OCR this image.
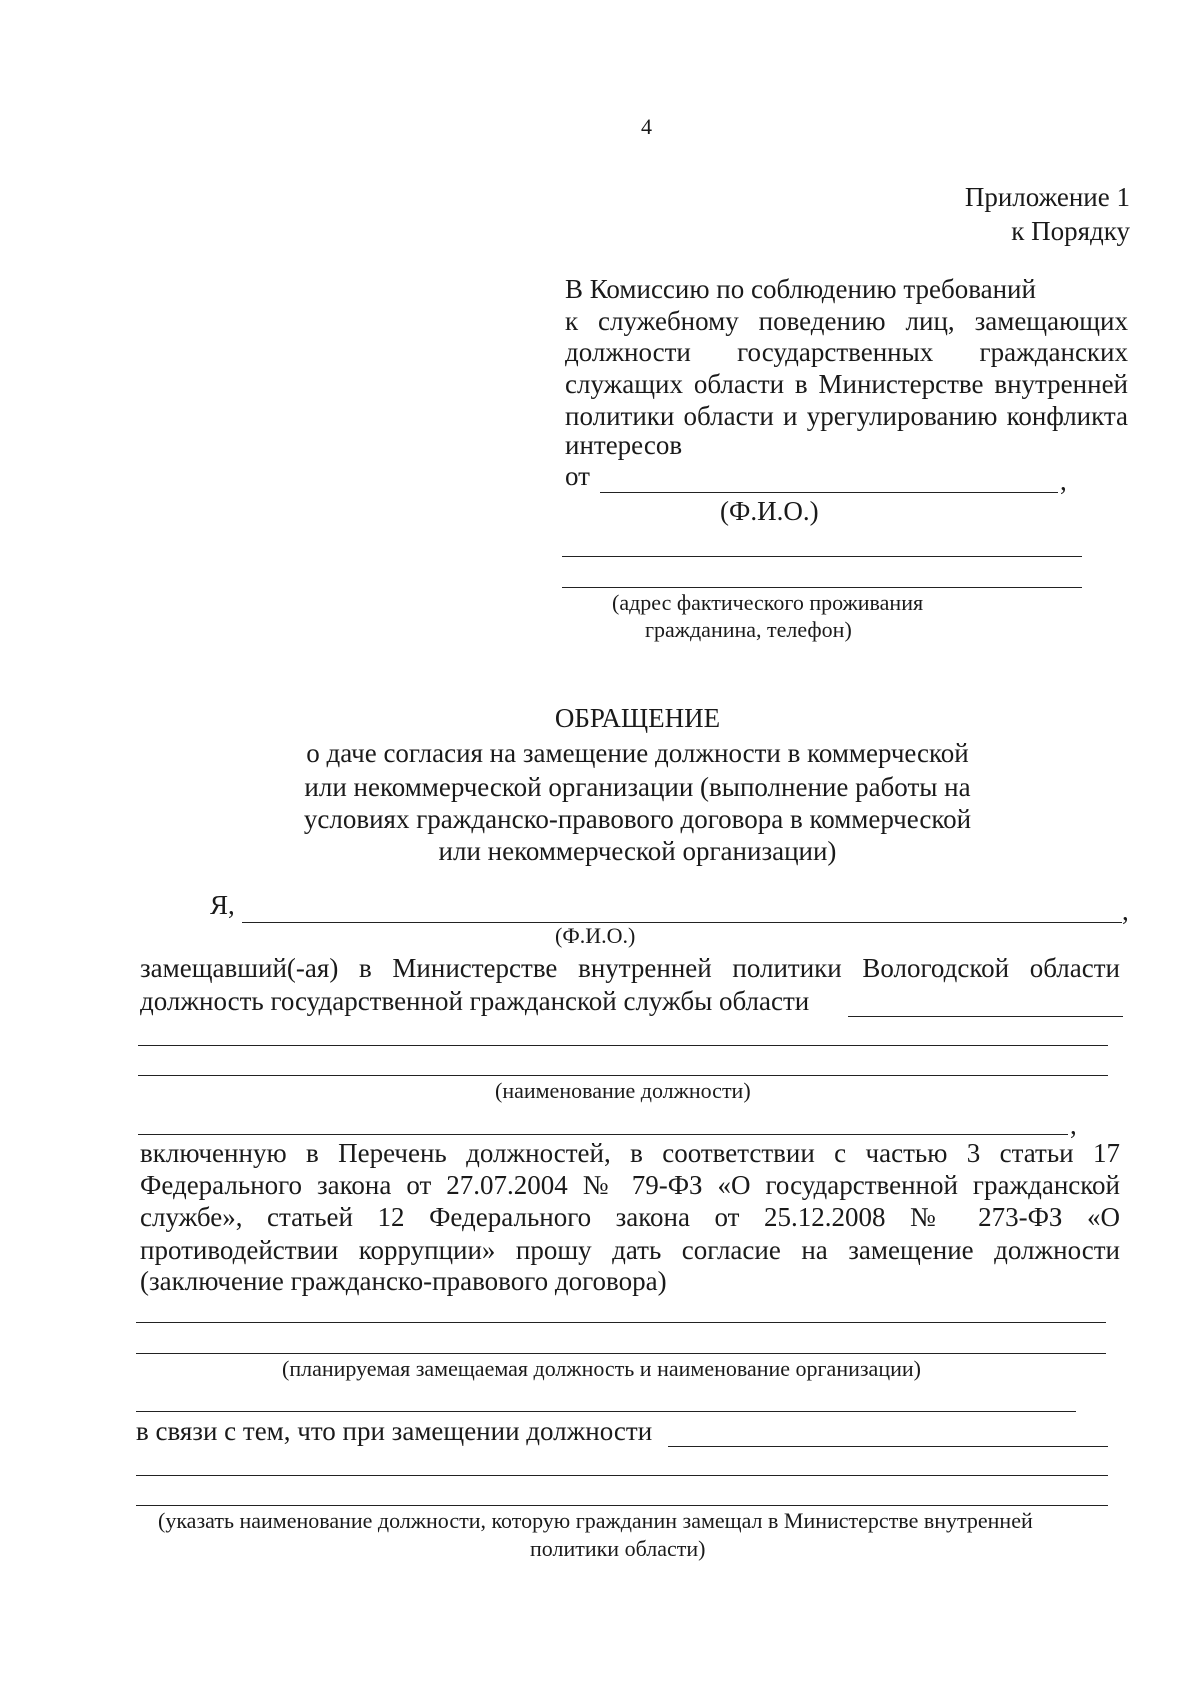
4
Приложение 1
к Порядку
В Комиссию по соблюдению требований
к служебному поведению лиц, замещающих
должности государственных гражданских
служащих области в Министерстве внутренней
политики области и урегулированию конфликта
интересов
от	,
(Ф.И.О.)
(адрес фактического проживания
гражданина, телефон)
ОБРАЩЕНИЕ
о даче согласия на замещение должности в коммерческой
или некоммерческой организации (выполнение работы на
условиях гражданско-правового договора в коммерческой
или некоммерческой организации)
Я,	,
(Ф.И.О.)
замещавший(-ая) в Министерстве внутренней политики Вологодской области
должность государственной гражданской службы области
(наименование должности)
,
включенную в Перечень должностей, в соответствии с частью 3 статьи 17
Федерального закона от 27.07.2004 № 79-ФЗ «О государственной гражданской
службе», статьей 12 Федерального закона от 25.12.2008 № 273-ФЗ «О
противодействии коррупции» прошу дать согласие на замещение должности
(заключение гражданско-правового договора)
(планируемая замещаемая должность и наименование организации)
в связи с тем, что при замещении должности
(указать наименование должности, которую гражданин замещал в Министерстве внутренней
политики области)
